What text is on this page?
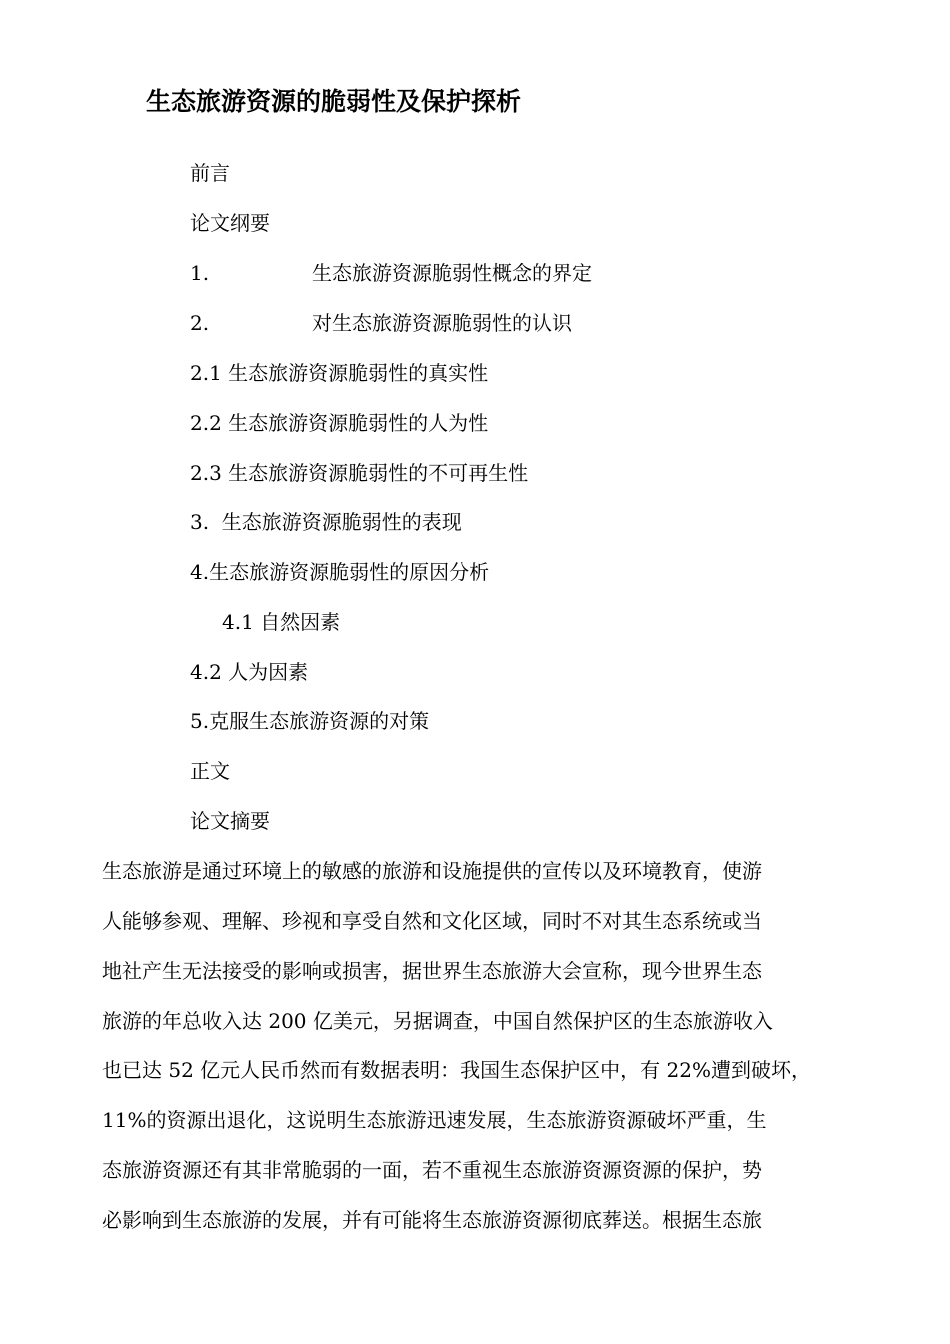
生态旅游资源的脆弱性及保护探析
前言
论文纲要
1.	生态旅游资源脆弱性概念的界定
2.	对生态旅游资源脆弱性的认识
2.1 生态旅游资源脆弱性的真实性
2.2 生态旅游资源脆弱性的人为性
2.3 生态旅游资源脆弱性的不可再生性
3.  生态旅游资源脆弱性的表现
4.生态旅游资源脆弱性的原因分析
4.1 自然因素
4.2 人为因素
5.克服生态旅游资源的对策
正文
论文摘要
生态旅游是通过环境上的敏感的旅游和设施提供的宣传以及环境教育，使游
人能够参观、理解、珍视和享受自然和文化区域，同时不对其生态系统或当
地社产生无法接受的影响或损害，据世界生态旅游大会宣称，现今世界生态
旅游的年总收入达 200 亿美元，另据调查，中国自然保护区的生态旅游收入
也已达 52 亿元人民币然而有数据表明：我国生态保护区中，有 22%遭到破坏，
11%的资源出退化，这说明生态旅游迅速发展，生态旅游资源破坏严重，生
态旅游资源还有其非常脆弱的一面，若不重视生态旅游资源资源的保护，势
必影响到生态旅游的发展，并有可能将生态旅游资源彻底葬送。根据生态旅
